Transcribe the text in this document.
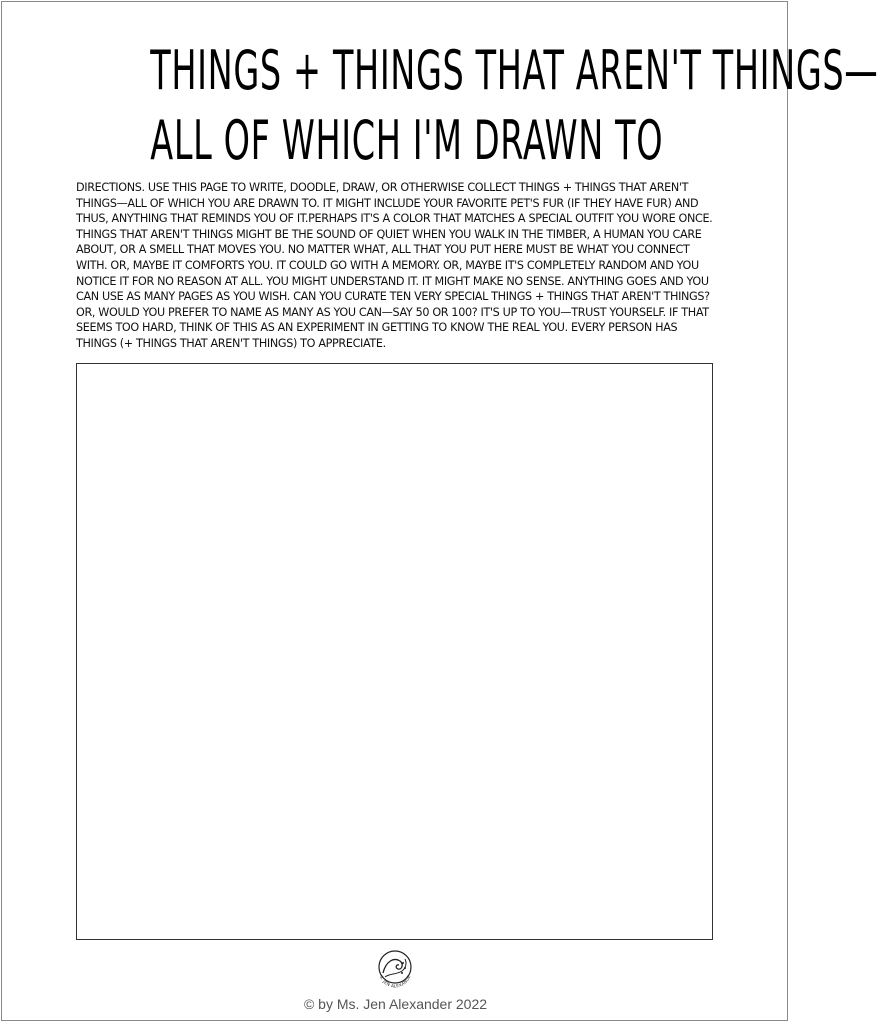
THINGS + THINGS THAT AREN'T THINGS—
ALL OF WHICH I'M DRAWN TO

DIRECTIONS. USE THIS PAGE TO WRITE, DOODLE, DRAW, OR OTHERWISE COLLECT THINGS + THINGS THAT AREN'T THINGS—ALL OF WHICH YOU ARE DRAWN TO. IT MIGHT INCLUDE YOUR FAVORITE PET'S FUR (IF THEY HAVE FUR) AND THUS, ANYTHING THAT REMINDS YOU OF IT.PERHAPS IT'S A COLOR THAT MATCHES A SPECIAL OUTFIT YOU WORE ONCE. THINGS THAT AREN'T THINGS MIGHT BE THE SOUND OF QUIET WHEN YOU WALK IN THE TIMBER, A HUMAN YOU CARE ABOUT, OR A SMELL THAT MOVES YOU. NO MATTER WHAT, ALL THAT YOU PUT HERE MUST BE WHAT YOU CONNECT WITH. OR, MAYBE IT COMFORTS YOU. IT COULD GO WITH A MEMORY. OR, MAYBE IT'S COMPLETELY RANDOM AND YOU NOTICE IT FOR NO REASON AT ALL. YOU MIGHT UNDERSTAND IT. IT MIGHT MAKE NO SENSE. ANYTHING GOES AND YOU CAN USE AS MANY PAGES AS YOU WISH. CAN YOU CURATE TEN VERY SPECIAL THINGS + THINGS THAT AREN'T THINGS? OR, WOULD YOU PREFER TO NAME AS MANY AS YOU CAN—SAY 50 OR 100? IT'S UP TO YOU—TRUST YOURSELF. IF THAT SEEMS TOO HARD, THINK OF THIS AS AN EXPERIMENT IN GETTING TO KNOW THE REAL YOU. EVERY PERSON HAS THINGS (+ THINGS THAT AREN'T THINGS) TO APPRECIATE.

S. JEN ALEXANDE

© by Ms. Jen Alexander 2022
